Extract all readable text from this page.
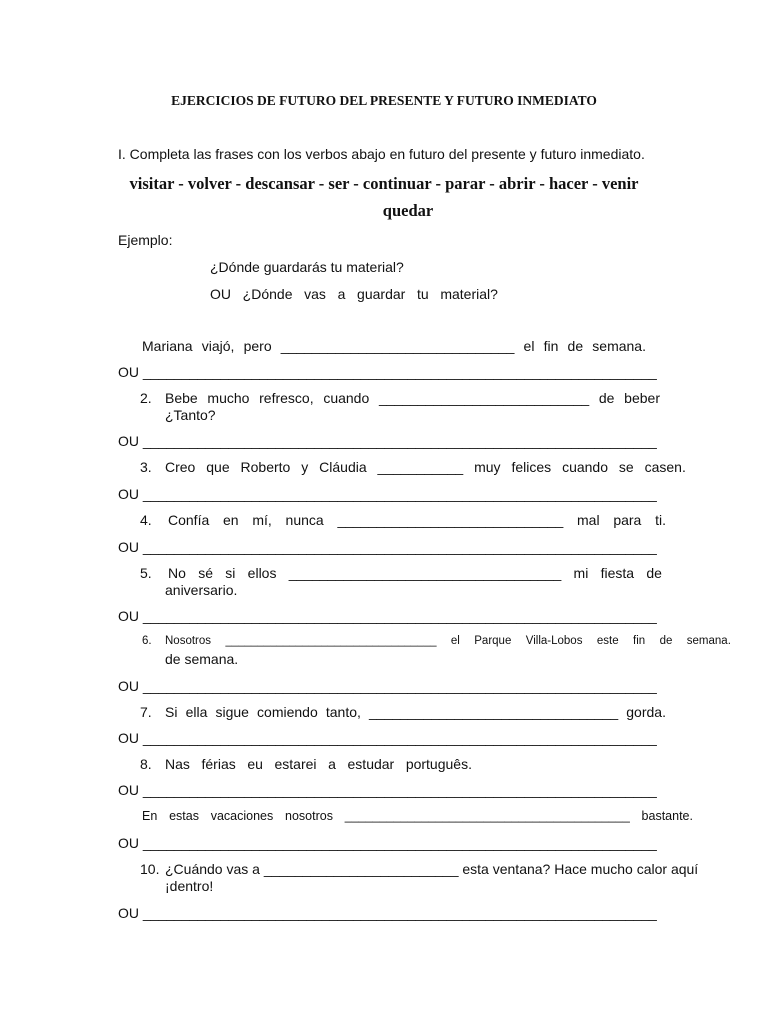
EJERCICIOS DE FUTURO DEL PRESENTE Y FUTURO INMEDIATO
I. Completa las frases con los verbos abajo en futuro del presente y futuro inmediato.
visitar - volver - descansar - ser - continuar - parar - abrir - hacer - venir
quedar
Ejemplo:
¿Dónde guardarás tu material?
OU   ¿Dónde   vas   a   guardar   tu   material?
Mariana viajó, pero ______________________________ el fin de semana.
OU __________________________________________________________________
2. Bebe mucho refresco, cuando ___________________________ de beber
¿Tanto?
OU __________________________________________________________________
3. Creo que Roberto y Cláudia ___________ muy felices cuando se casen.
OU __________________________________________________________________
4. Confía en mí, nunca _____________________________ mal para ti.
OU __________________________________________________________________
5. No sé si ellos ___________________________________ mi fiesta de
aniversario.
OU __________________________________________________________________
6. Nosotros _________________________________ el Parque Villa-Lobos este fin de semana.
de semana.
OU __________________________________________________________________
7. Si ella sigue comiendo tanto, ________________________________ gorda.
OU __________________________________________________________________
8. Nas férias eu estarei a estudar português.
OU __________________________________________________________________
En estas vacaciones nosotros _________________________________________ bastante.
OU __________________________________________________________________
10. ¿Cuándo vas a _________________________ esta ventana? Hace mucho calor aquí
¡dentro!
OU __________________________________________________________________
